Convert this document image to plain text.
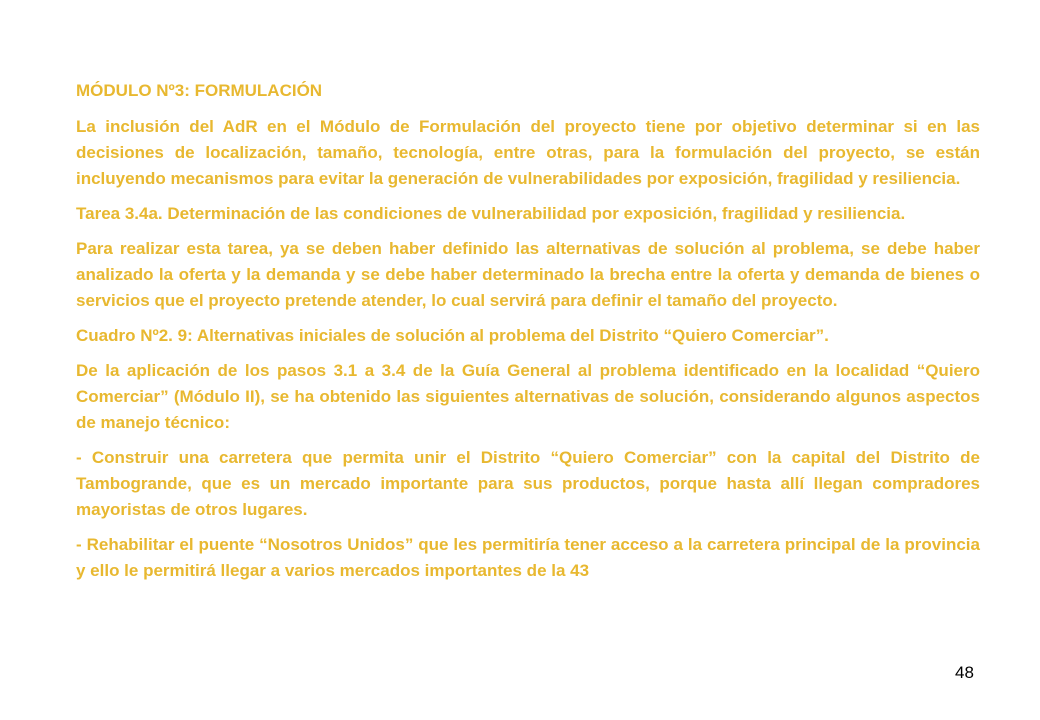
MÓDULO Nº3: FORMULACIÓN

La inclusión del AdR en el Módulo de Formulación del proyecto tiene por objetivo determinar si en las decisiones de localización, tamaño, tecnología, entre otras, para la formulación del proyecto, se están incluyendo mecanismos para evitar la generación de vulnerabilidades por exposición, fragilidad y resiliencia.

Tarea 3.4a. Determinación de las condiciones de vulnerabilidad por exposición, fragilidad y resiliencia.

Para realizar esta tarea, ya se deben haber definido las alternativas de solución al problema, se debe haber analizado la oferta y la demanda y se debe haber determinado la brecha entre la oferta y demanda de bienes o servicios que el proyecto pretende atender, lo cual servirá para definir el tamaño del proyecto.

Cuadro Nº2. 9: Alternativas iniciales de solución al problema del Distrito “Quiero Comerciar”.

De la aplicación de los pasos 3.1 a 3.4 de la Guía General al problema identificado en la localidad “Quiero Comerciar” (Módulo II), se ha obtenido las siguientes alternativas de solución, considerando algunos aspectos de manejo técnico:

- Construir una carretera que permita unir el Distrito “Quiero Comerciar” con la capital del Distrito de Tambogrande, que es un mercado importante para sus productos, porque hasta allí llegan compradores mayoristas de otros lugares.

- Rehabilitar el puente “Nosotros Unidos” que les permitiría tener acceso a la carretera principal de la provincia y ello le permitirá llegar a varios mercados importantes de la 43

48
